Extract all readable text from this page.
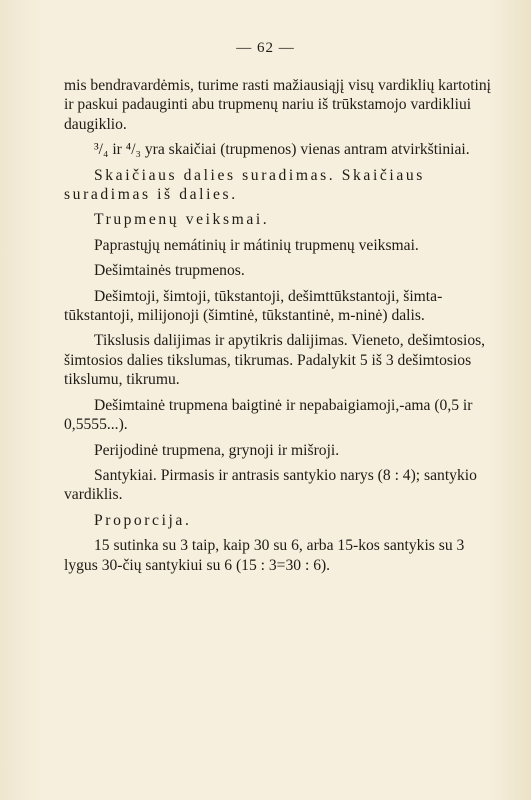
— 62 —

mis bendravardėmis, turime rasti mažiausiąjį visų vardiklių kartotinį ir paskui padauginti abu trupmenų nariu iš trūkstamojo vardikliui daugiklio.

³/₄ ir ⁴/₃ yra skaičiai (trupmenos) vienas antram atvirkštiniai.

Skaičiaus dalies suradimas. Skaičiaus suradimas iš dalies.

Trupmenų veiksmai.

Paprastųjų nemátinių ir mátinių trupmenų veiksmai.

Dešimtainės trupmenos.

Dešimtoji, šimtoji, tūkstantoji, dešimttūkstantoji, šimta-tūkstantoji, milijonoji (šimtinė, tūkstantinė, m-ninė) dalis.

Tikslusis dalijimas ir apytikris dalijimas. Vieneto, dešimtosios, šimtosios dalies tikslumas, tikrumas. Padalykit 5 iš 3 dešimtosios tikslumu, tikrumu.

Dešimtainė trupmena baigtinė ir nepabaigiamoji,-ama (0,5 ir 0,5555...).

Perijodinė trupmena, grynoji ir mišroji.

Santykiai. Pirmasis ir antrasis santykio narys (8 : 4); santykio vardiklis.

Proporcija.

15 sutinka su 3 taip, kaip 30 su 6, arba 15-kos santykis su 3 lygus 30-čių santykiui su 6 (15 : 3=30 : 6).
